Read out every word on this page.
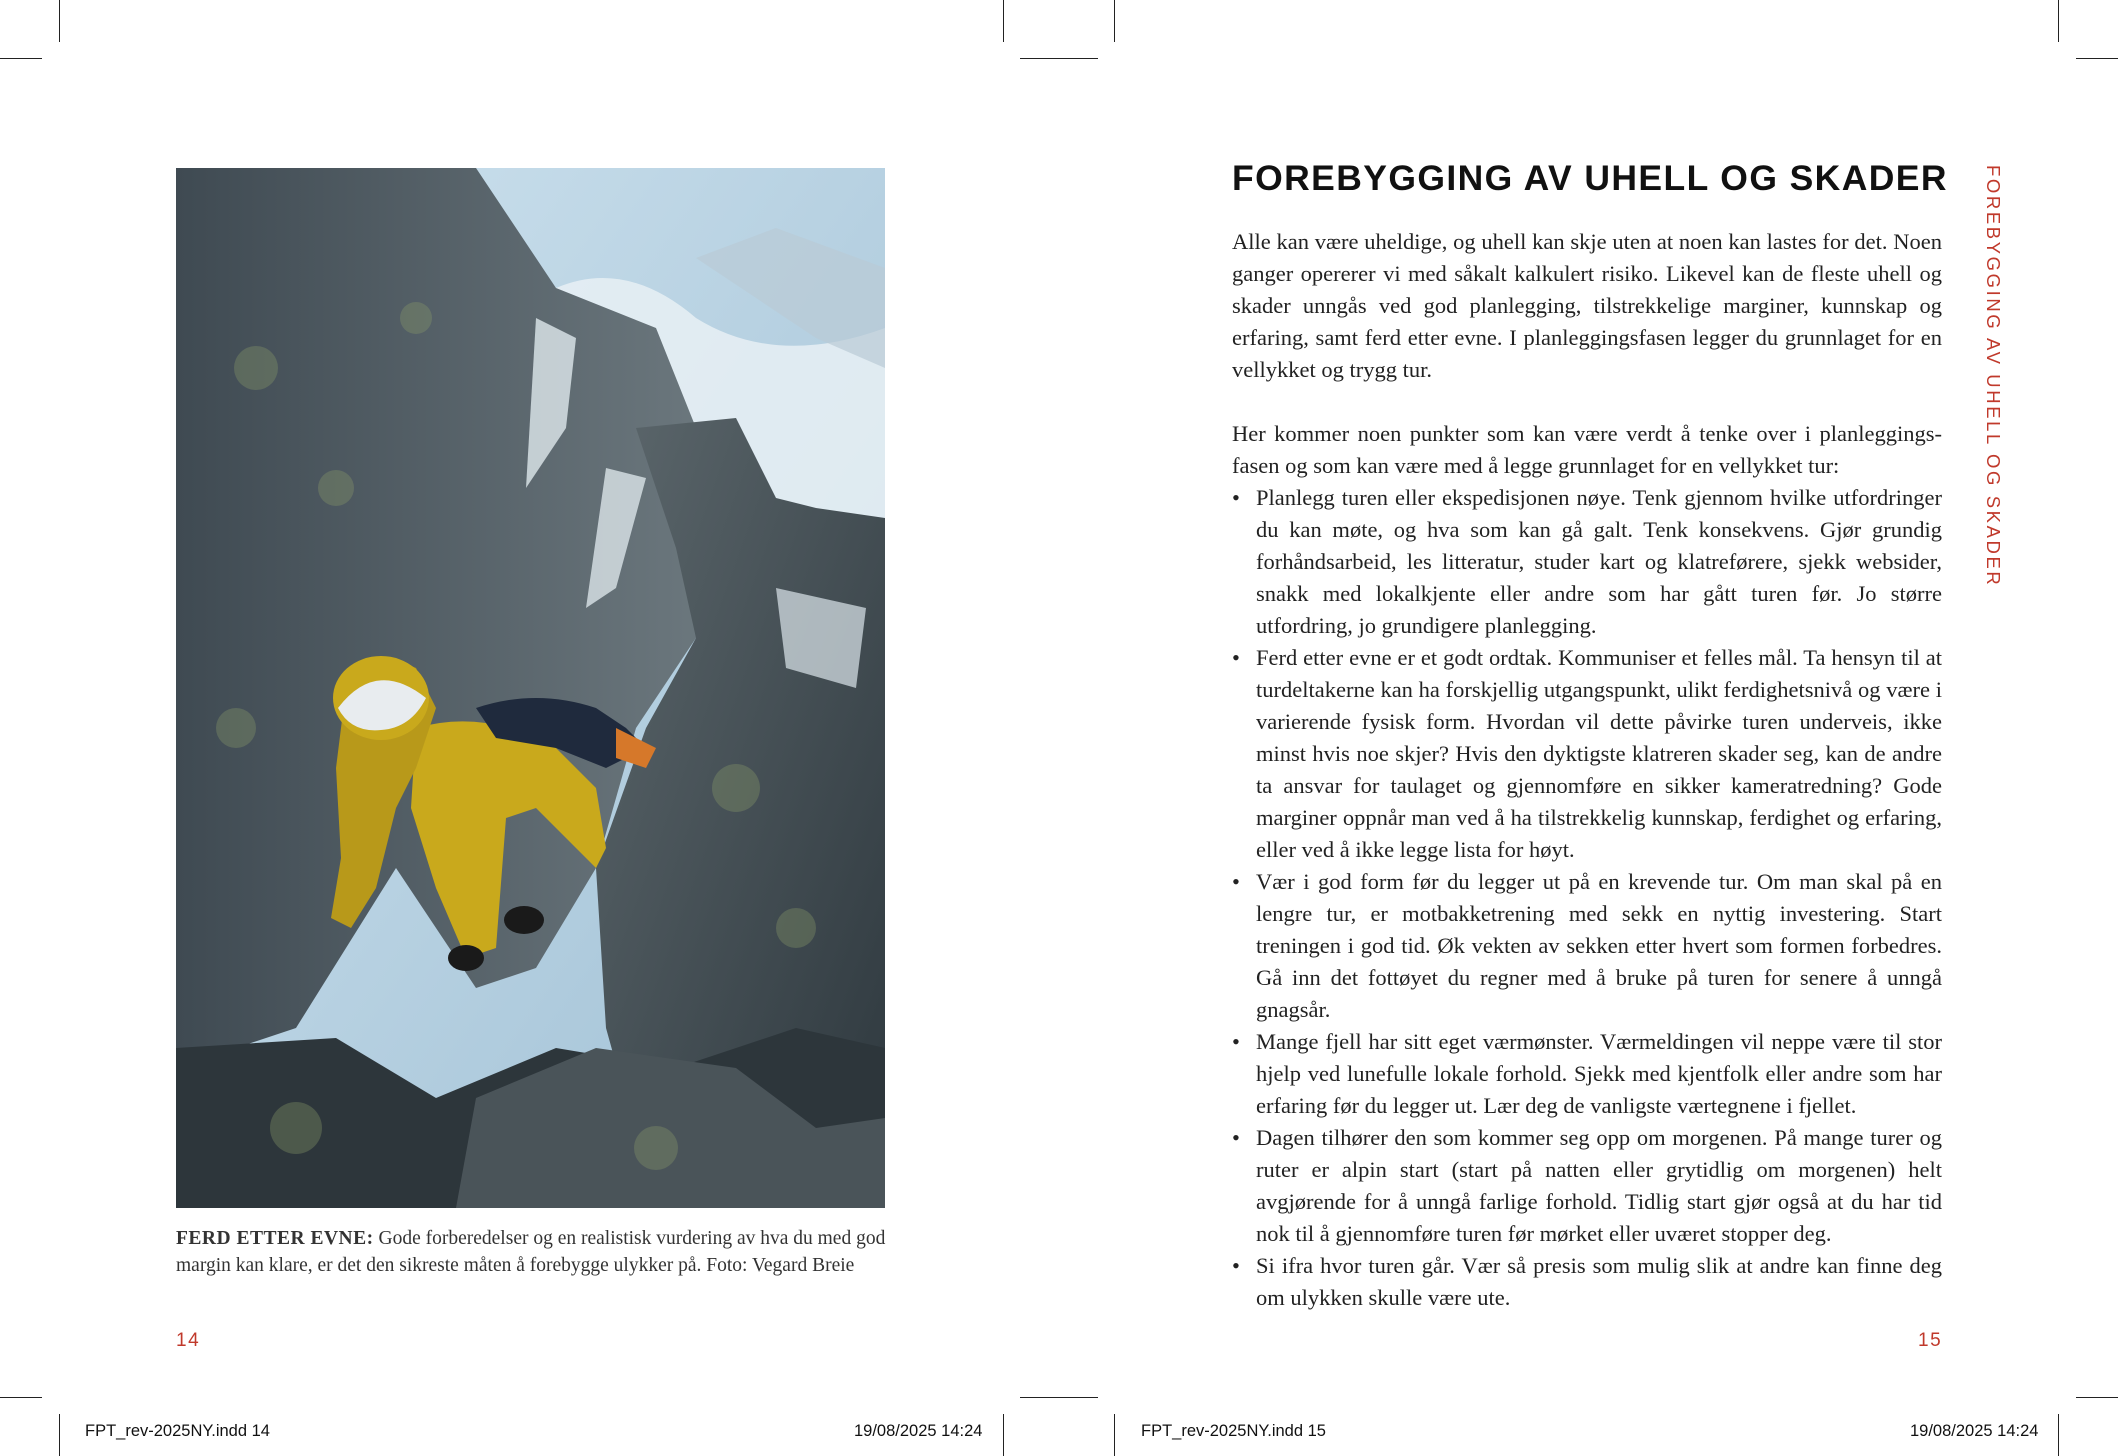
FERD ETTER EVNE: Gode forberedelser og en realistisk vurdering av hva du med god margin kan klare, er det den sikreste måten å forebygge ulykker på. Foto: Vegard Breie
14
FOREBYGGING AV UHELL OG SKADER

Alle kan være uheldige, og uhell kan skje uten at noen kan lastes for det. Noen ganger opererer vi med såkalt kalkulert risiko. Likevel kan de fleste uhell og skader unngås ved god planlegging, tilstrekkelige marginer, kunnskap og erfaring, samt ferd etter evne. I planleggingsfasen legger du grunnlaget for en vellykket og trygg tur.

Her kommer noen punkter som kan være verdt å tenke over i planleggings-fasen og som kan være med å legge grunnlaget for en vellykket tur:

• Planlegg turen eller ekspedisjonen nøye. Tenk gjennom hvilke utfordringer du kan møte, og hva som kan gå galt. Tenk konsekvens. Gjør grundig forhåndsarbeid, les litteratur, studer kart og klatreførere, sjekk websider, snakk med lokalkjente eller andre som har gått turen før. Jo større utfordring, jo grundigere planlegging.
• Ferd etter evne er et godt ordtak. Kommuniser et felles mål. Ta hensyn til at turdeltakerne kan ha forskjellig utgangspunkt, ulikt ferdighetsnivå og være i varierende fysisk form. Hvordan vil dette påvirke turen underveis, ikke minst hvis noe skjer? Hvis den dyktigste klatreren skader seg, kan de andre ta ansvar for taulaget og gjennomføre en sikker kameratredning? Gode marginer oppnår man ved å ha tilstrekkelig kunnskap, ferdighet og erfaring, eller ved å ikke legge lista for høyt.
• Vær i god form før du legger ut på en krevende tur. Om man skal på en lengre tur, er motbakketrening med sekk en nyttig investering. Start treningen i god tid. Øk vekten av sekken etter hvert som formen forbedres. Gå inn det fottøyet du regner med å bruke på turen for senere å unngå gnagsår.
• Mange fjell har sitt eget værmønster. Værmeldingen vil neppe være til stor hjelp ved lunefulle lokale forhold. Sjekk med kjentfolk eller andre som har erfaring før du legger ut. Lær deg de vanligste værtegnene i fjellet.
• Dagen tilhører den som kommer seg opp om morgenen. På mange turer og ruter er alpin start (start på natten eller grytidlig om morgenen) helt avgjørende for å unngå farlige forhold. Tidlig start gjør også at du har tid nok til å gjennomføre turen før mørket eller uværet stopper deg.
• Si ifra hvor turen går. Vær så presis som mulig slik at andre kan finne deg om ulykken skulle være ute.
FOREBYGGING AV UHELL OG SKADER
15
FPT_rev-2025NY.indd 14	19/08/2025 14:24	FPT_rev-2025NY.indd 15	19/08/2025 14:24
